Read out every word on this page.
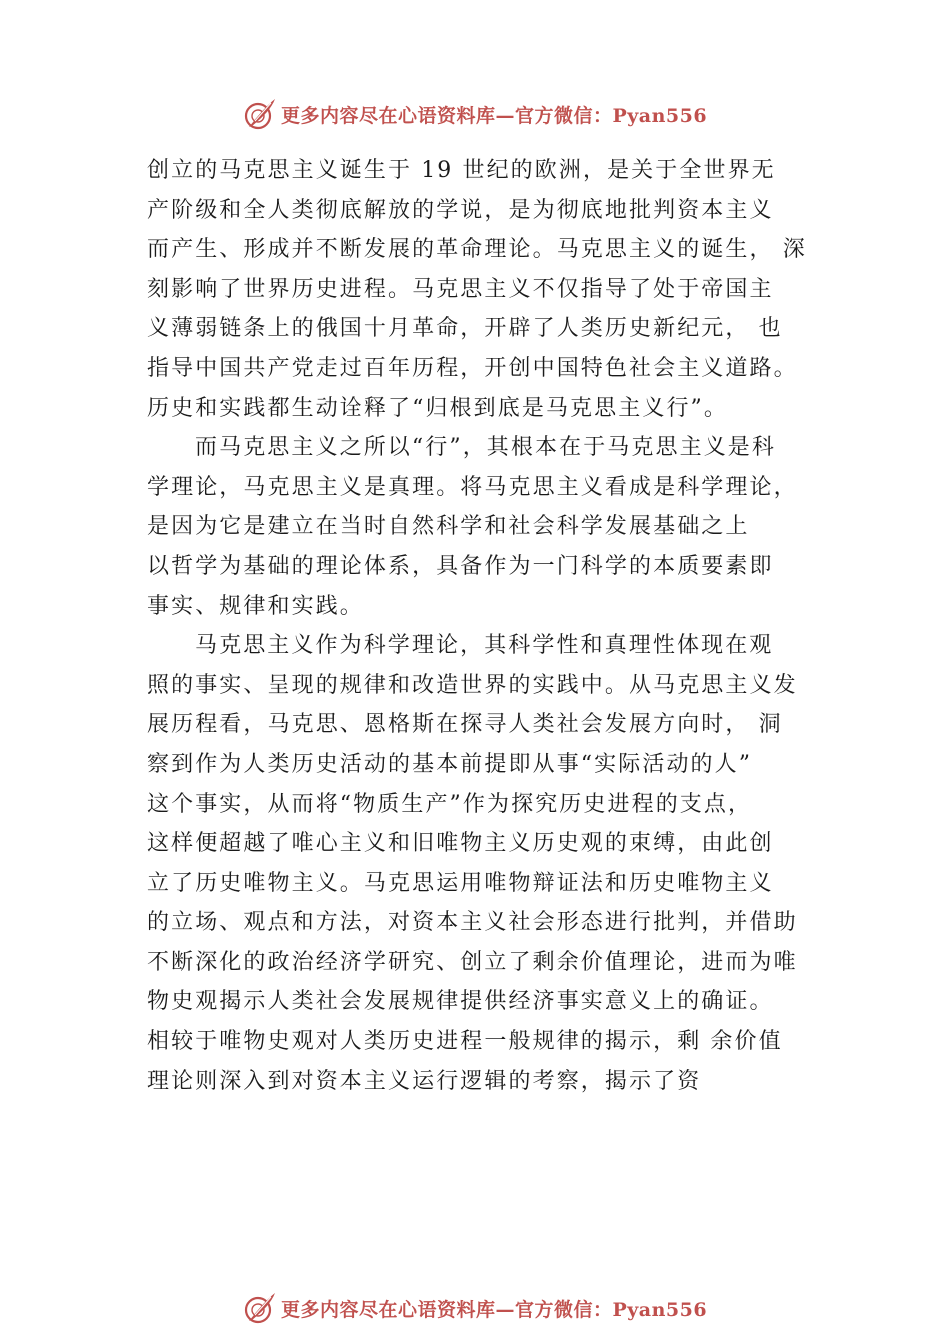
更多内容尽在心语资料库—官方微信：Pyan556
创立的马克思主义诞生于 19 世纪的欧洲，是关于全世界无
产阶级和全人类彻底解放的学说，是为彻底地批判资本主义
而产生、形成并不断发展的革命理论。马克思主义的诞生， 深
刻影响了世界历史进程。马克思主义不仅指导了处于帝国主
义薄弱链条上的俄国十月革命，开辟了人类历史新纪元， 也
指导中国共产党走过百年历程，开创中国特色社会主义道路。
历史和实践都生动诠释了“归根到底是马克思主义行”。
而马克思主义之所以“行”，其根本在于马克思主义是科
学理论，马克思主义是真理。将马克思主义看成是科学理论，
是因为它是建立在当时自然科学和社会科学发展基础之上
以哲学为基础的理论体系，具备作为一门科学的本质要素即
事实、规律和实践。
马克思主义作为科学理论，其科学性和真理性体现在观
照的事实、呈现的规律和改造世界的实践中。从马克思主义发
展历程看，马克思、恩格斯在探寻人类社会发展方向时， 洞
察到作为人类历史活动的基本前提即从事“实际活动的人”
这个事实，从而将“物质生产”作为探究历史进程的支点，
这样便超越了唯心主义和旧唯物主义历史观的束缚，由此创
立了历史唯物主义。马克思运用唯物辩证法和历史唯物主义
的立场、观点和方法，对资本主义社会形态进行批判，并借助
不断深化的政治经济学研究、创立了剩余价值理论，进而为唯
物史观揭示人类社会发展规律提供经济事实意义上的确证。
相较于唯物史观对人类历史进程一般规律的揭示，剩 余价值
理论则深入到对资本主义运行逻辑的考察，揭示了资
更多内容尽在心语资料库—官方微信：Pyan556
